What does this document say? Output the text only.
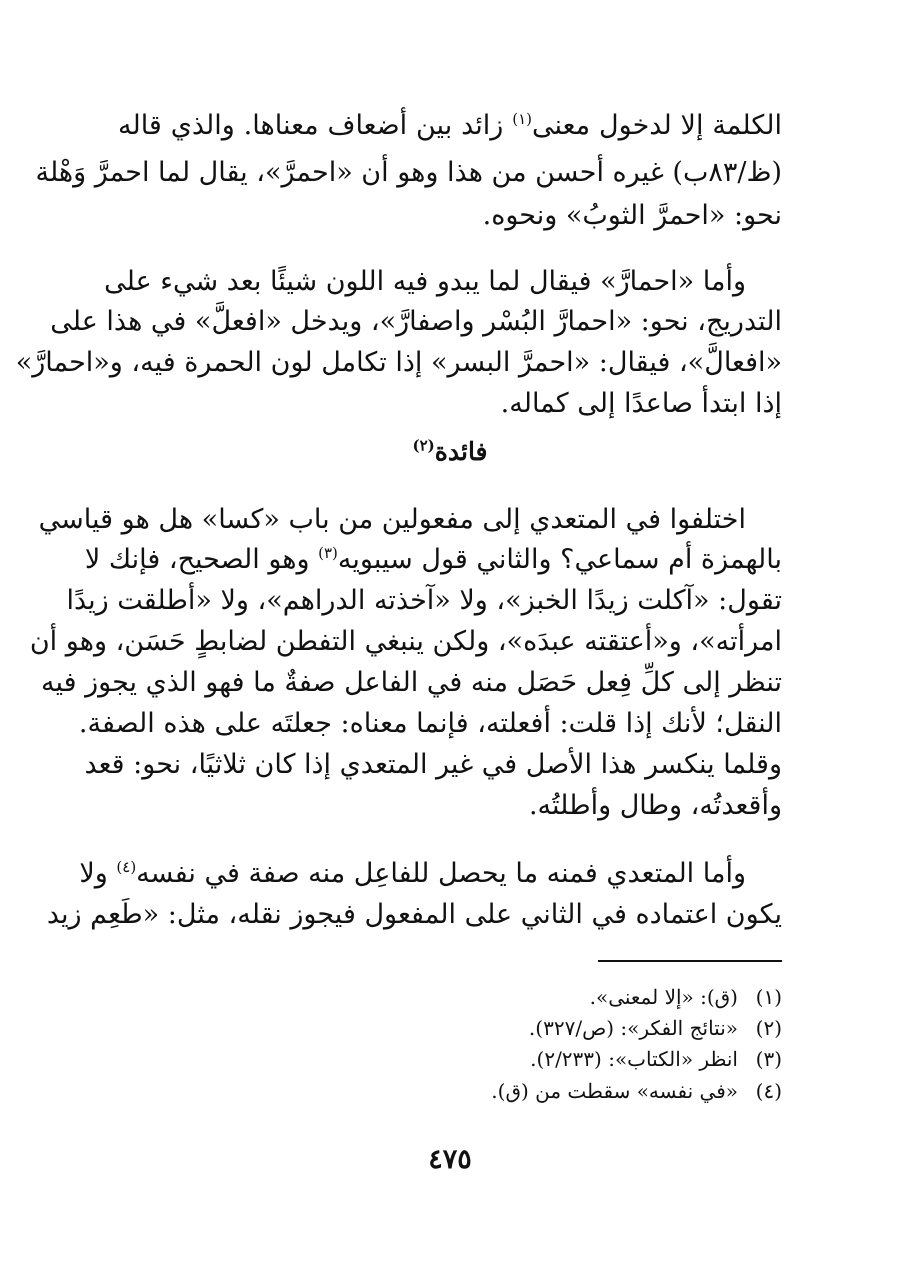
الكلمة إلا لدخول معنى$^{(١)}$ زائد بين أضعاف معناها. والذي قاله
(ظ/٨٣ب) غيره أحسن من هذا وهو أن «احمرَّ»، يقال لما احمرَّ وَهْلة
نحو: «احمرَّ الثوبُ» ونحوه.
وأما «احمارَّ» فيقال لما يبدو فيه اللون شيئًا بعد شيء على
التدريج، نحو: «احمارَّ البُسْر واصفارَّ»، ويدخل «افعلَّ» في هذا على
«افعالَّ»، فيقال: «احمرَّ البسر» إذا تكامل لون الحمرة فيه، و«احمارَّ»
إذا ابتدأ صاعدًا إلى كماله.
فائدة$^{(٢)}$
اختلفوا في المتعدي إلى مفعولين من باب «كسا» هل هو قياسي
بالهمزة أم سماعي؟ والثاني قول سيبويه$^{(٣)}$ وهو الصحيح، فإنك لا
تقول: «آكلت زيدًا الخبز»، ولا «آخذته الدراهم»، ولا «أطلقت زيدًا
امرأته»، و«أعتقته عبدَه»، ولكن ينبغي التفطن لضابطٍ حَسَن، وهو أن
تنظر إلى كلِّ فِعل حَصَل منه في الفاعل صفةٌ ما فهو الذي يجوز فيه
النقل؛ لأنك إذا قلت: أفعلته، فإنما معناه: جعلتَه على هذه الصفة.
وقلما ينكسر هذا الأصل في غير المتعدي إذا كان ثلاثيًا، نحو: قعد
وأقعدتُه، وطال وأطلتُه.
وأما المتعدي فمنه ما يحصل للفاعِل منه صفة في نفسه$^{(٤)}$ ولا
يكون اعتماده في الثاني على المفعول فيجوز نقله، مثل: «طَعِم زيد
(١)(ق): «إلا لمعنى».
(٢)«نتائج الفكر»: (ص/٣٢٧).
(٣)انظر «الكتاب»: (٢/٢٣٣).
(٤)«في نفسه» سقطت من (ق).
٤٧٥
